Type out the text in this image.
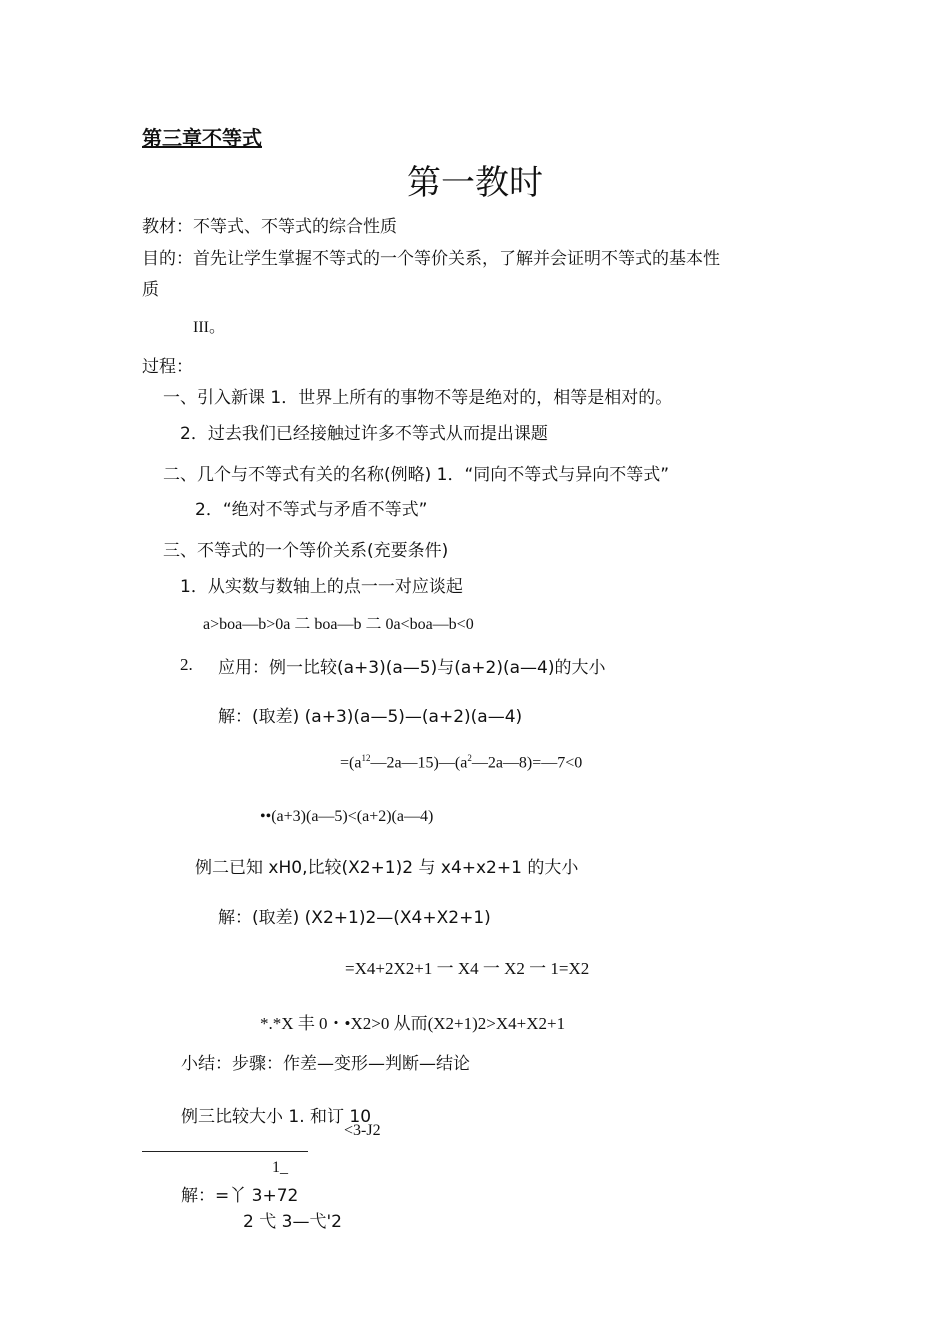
第三章不等式
第一教时
教材：不等式、不等式的综合性质
目的：首先让学生掌握不等式的一个等价关系，了解并会证明不等式的基本性
质
III。
过程：
一、引入新课 1．世界上所有的事物不等是绝对的，相等是相对的。
2．过去我们已经接触过许多不等式从而提出课题
二、几个与不等式有关的名称(例略) 1．“同向不等式与异向不等式”
2．“绝对不等式与矛盾不等式”
三、不等式的一个等价关系(充要条件)
1．从实数与数轴上的点一一对应谈起
a>boa—b>0a 二 boa—b 二 0a<boa—b<0
2. 应用：例一比较(a+3)(a—5)与(a+2)(a—4)的大小
解：(取差) (a+3)(a—5)—(a+2)(a—4)
$=(a^{12}—2a—15)—(a^2—2a—8)=—7<0$
••(a+3)(a—5)<(a+2)(a—4)
例二已知 xH0,比较(X2+1)2 与 x4+x2+1 的大小
解：(取差) (X2+1)2—(X4+X2+1)
=X4+2X2+1 一 X4 一 X2 一 1=X2
*.*X 丰 0・•X2>0 从而(X2+1)2>X4+X2+1
小结：步骤：作差—变形—判断—结论
例三比较大小 1. 和订 10
<3-J2
1_
解：=丫 3+72
2 弋 3—弋'2
